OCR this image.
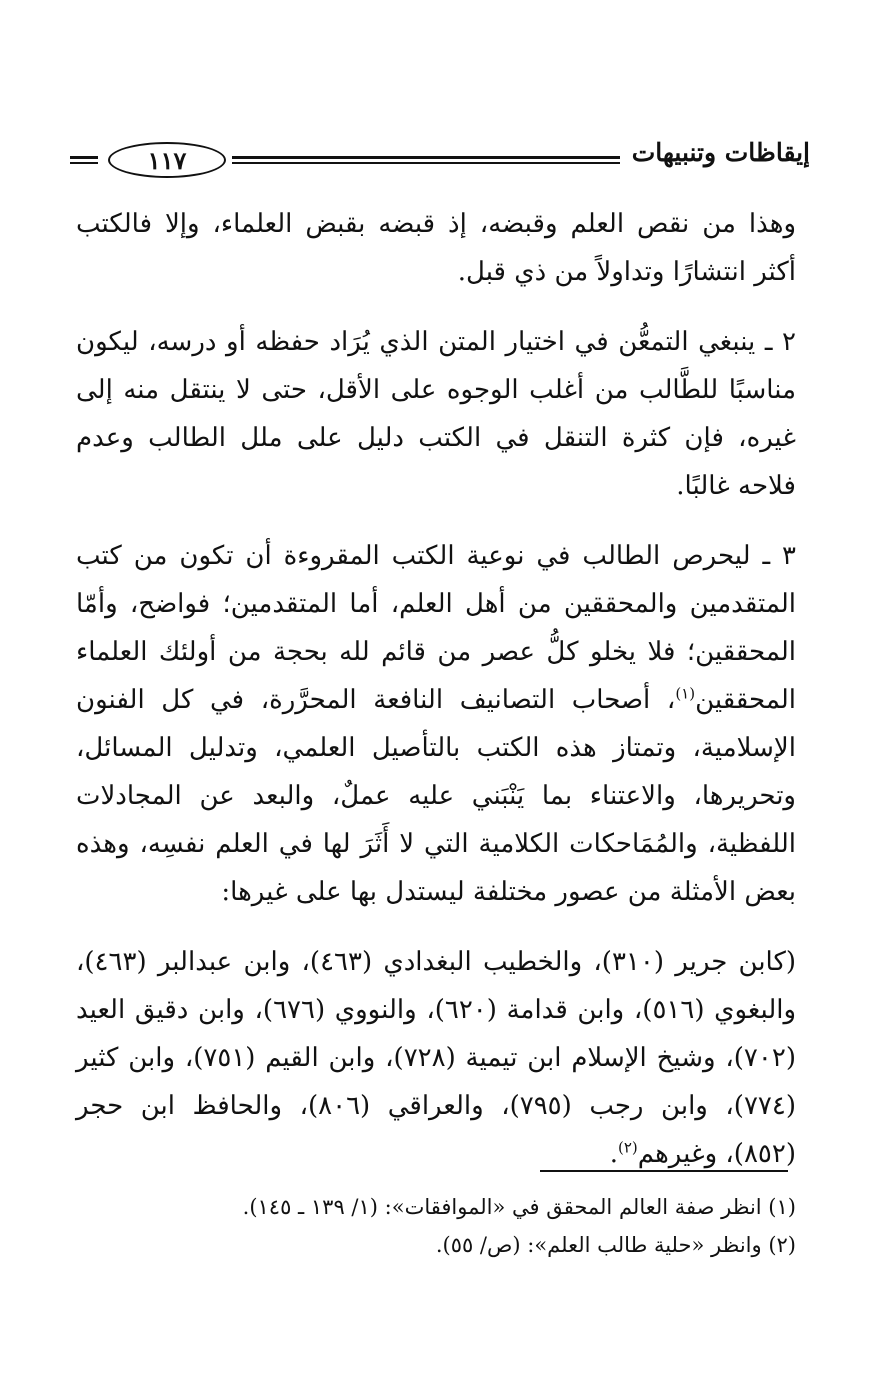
١١٧	إيقاظات وتنبيهات

وهذا من نقص العلم وقبضه، إذ قبضه بقبض العلماء، وإلا فالكتب أكثر انتشارًا وتداولاً من ذي قبل.

٢ ـ ينبغي التمعُّن في اختيار المتن الذي يُرَاد حفظه أو درسه، ليكون مناسبًا للطَّالب من أغلب الوجوه على الأقل، حتى لا ينتقل منه إلى غيره، فإن كثرة التنقل في الكتب دليل على ملل الطالب وعدم فلاحه غالبًا.

٣ ـ ليحرص الطالب في نوعية الكتب المقروءة أن تكون من كتب المتقدمين والمحققين من أهل العلم، أما المتقدمين؛ فواضح، وأمّا المحققين؛ فلا يخلو كلُّ عصر من قائم لله بحجة من أولئك العلماء المحققين$^{(١)}$، أصحاب التصانيف النافعة المحرَّرة، في كل الفنون الإسلامية، وتمتاز هذه الكتب بالتأصيل العلمي، وتدليل المسائل، وتحريرها، والاعتناء بما يَنْبَني عليه عملٌ، والبعد عن المجادلات اللفظية، والمُمَاحكات الكلامية التي لا أَثَرَ لها في العلم نفسِه، وهذه بعض الأمثلة من عصور مختلفة ليستدل بها على غيرها:

(كابن جرير (٣١٠)، والخطيب البغدادي (٤٦٣)، وابن عبدالبر (٤٦٣)، والبغوي (٥١٦)، وابن قدامة (٦٢٠)، والنووي (٦٧٦)، وابن دقيق العيد (٧٠٢)، وشيخ الإسلام ابن تيمية (٧٢٨)، وابن القيم (٧٥١)، وابن كثير (٧٧٤)، وابن رجب (٧٩٥)، والعراقي (٨٠٦)، والحافظ ابن حجر (٨٥٢)، وغيرهم$^{(٢)}$.

(١) انظر صفة العالم المحقق في «الموافقات»: (١/ ١٣٩ ـ ١٤٥).

(٢) وانظر «حلية طالب العلم»: (ص/ ٥٥).
